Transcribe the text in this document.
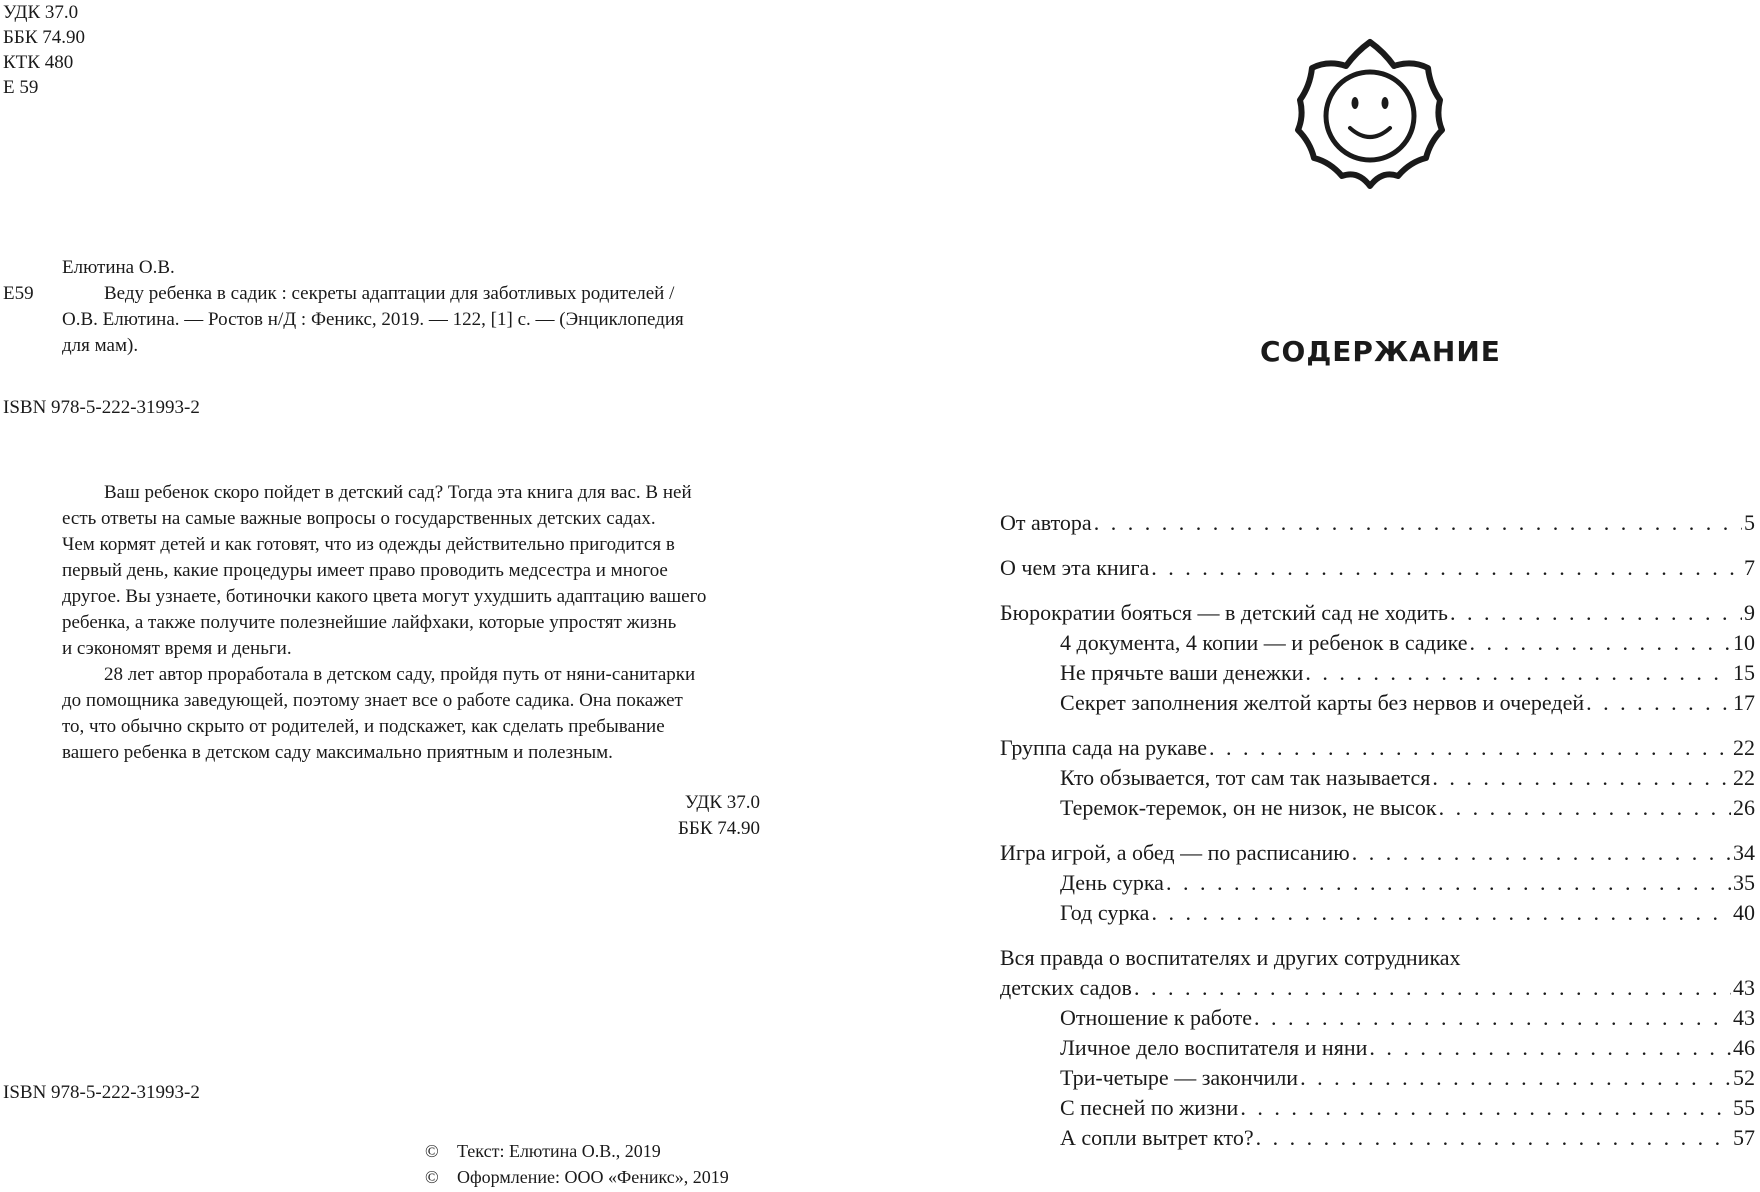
УДК 37.0
ББК 74.90
КТК 480
Е 59
Елютина О.В.
Е59	Веду ребенка в садик : секреты адаптации для заботливых родителей /
О.В. Елютина. — Ростов н/Д : Феникс, 2019. — 122, [1] с. — (Энциклопедия
для мам).
ISBN 978-5-222-31993-2
Ваш ребенок скоро пойдет в детский сад? Тогда эта книга для вас. В ней
есть ответы на самые важные вопросы о государственных детских садах.
Чем кормят детей и как готовят, что из одежды действительно пригодится в
первый день, какие процедуры имеет право проводить медсестра и многое
другое. Вы узнаете, ботиночки какого цвета могут ухудшить адаптацию вашего
ребенка, а также получите полезнейшие лайфхаки, которые упростят жизнь
и сэкономят время и деньги.
28 лет автор проработала в детском саду, пройдя путь от няни-санитарки
до помощника заведующей, поэтому знает все о работе садика. Она покажет
то, что обычно скрыто от родителей, и подскажет, как сделать пребывание
вашего ребенка в детском саду максимально приятным и полезным.
УДК 37.0
ББК 74.90
ISBN 978-5-222-31993-2
© Текст: Елютина О.В., 2019
© Оформление: ООО «Феникс», 2019
СОДЕРЖАНИЕ
От автора . . .	5
О чем эта книга . . .	7
Бюрократии бояться — в детский сад не ходить . . .	9
4 документа, 4 копии — и ребенок в садике . . .	10
Не прячьте ваши денежки . . .	15
Секрет заполнения желтой карты без нервов и очередей . . .	17
Группа сада на рукаве . . .	22
Кто обзывается, тот сам так называется . . .	22
Теремок-теремок, он не низок, не высок . . .	26
Игра игрой, а обед — по расписанию . . .	34
День сурка . . .	35
Год сурка . . .	40
Вся правда о воспитателях и других сотрудниках
детских садов . . .	43
Отношение к работе . . .	43
Личное дело воспитателя и няни . . .	46
Три-четыре — закончили . . .	52
С песней по жизни . . .	55
А сопли вытрет кто? . . .	57
